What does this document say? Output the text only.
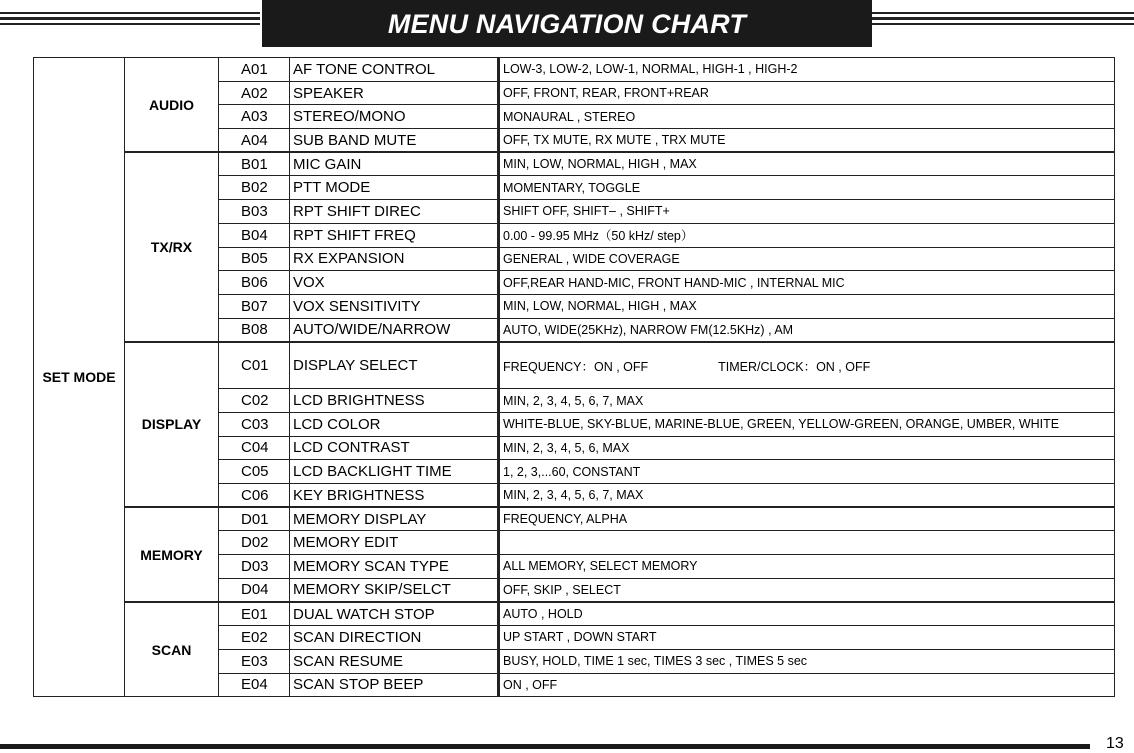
MENU NAVIGATION CHART
SET MODE	AUDIO	A01	AF TONE CONTROL	LOW-3, LOW-2, LOW-1, NORMAL, HIGH-1 , HIGH-2
		A02	SPEAKER	OFF, FRONT, REAR, FRONT+REAR
		A03	STEREO/MONO	MONAURAL , STEREO
		A04	SUB BAND MUTE	OFF, TX MUTE, RX MUTE , TRX MUTE
	TX/RX	B01	MIC GAIN	MIN, LOW, NORMAL, HIGH , MAX
		B02	PTT MODE	MOMENTARY, TOGGLE
		B03	RPT SHIFT DIREC	SHIFT OFF, SHIFT– , SHIFT+
		B04	RPT SHIFT FREQ	0.00 - 99.95 MHz（50 kHz/ step）
		B05	RX EXPANSION	GENERAL , WIDE COVERAGE
		B06	VOX	OFF,REAR HAND-MIC, FRONT HAND-MIC , INTERNAL MIC
		B07	VOX SENSITIVITY	MIN, LOW, NORMAL, HIGH , MAX
		B08	AUTO/WIDE/NARROW	AUTO, WIDE(25KHz), NARROW FM(12.5KHz) , AM
	DISPLAY	C01	DISPLAY SELECT	FREQUENCY：ON , OFF TIMER/CLOCK：ON , OFF
		C02	LCD BRIGHTNESS	MIN, 2, 3, 4, 5, 6, 7, MAX
		C03	LCD COLOR	WHITE-BLUE, SKY-BLUE, MARINE-BLUE, GREEN, YELLOW-GREEN, ORANGE, UMBER, WHITE
		C04	LCD CONTRAST	MIN, 2, 3, 4, 5, 6, MAX
		C05	LCD BACKLIGHT TIME	1, 2, 3,...60, CONSTANT
		C06	KEY BRIGHTNESS	MIN, 2, 3, 4, 5, 6, 7, MAX
	MEMORY	D01	MEMORY DISPLAY	FREQUENCY, ALPHA
		D02	MEMORY EDIT	
		D03	MEMORY SCAN TYPE	ALL MEMORY, SELECT MEMORY
		D04	MEMORY SKIP/SELCT	OFF, SKIP , SELECT
	SCAN	E01	DUAL WATCH STOP	AUTO , HOLD
		E02	SCAN DIRECTION	UP START , DOWN START
		E03	SCAN RESUME	BUSY, HOLD, TIME 1 sec, TIMES 3 sec , TIMES 5 sec
		E04	SCAN STOP BEEP	ON , OFF
13
